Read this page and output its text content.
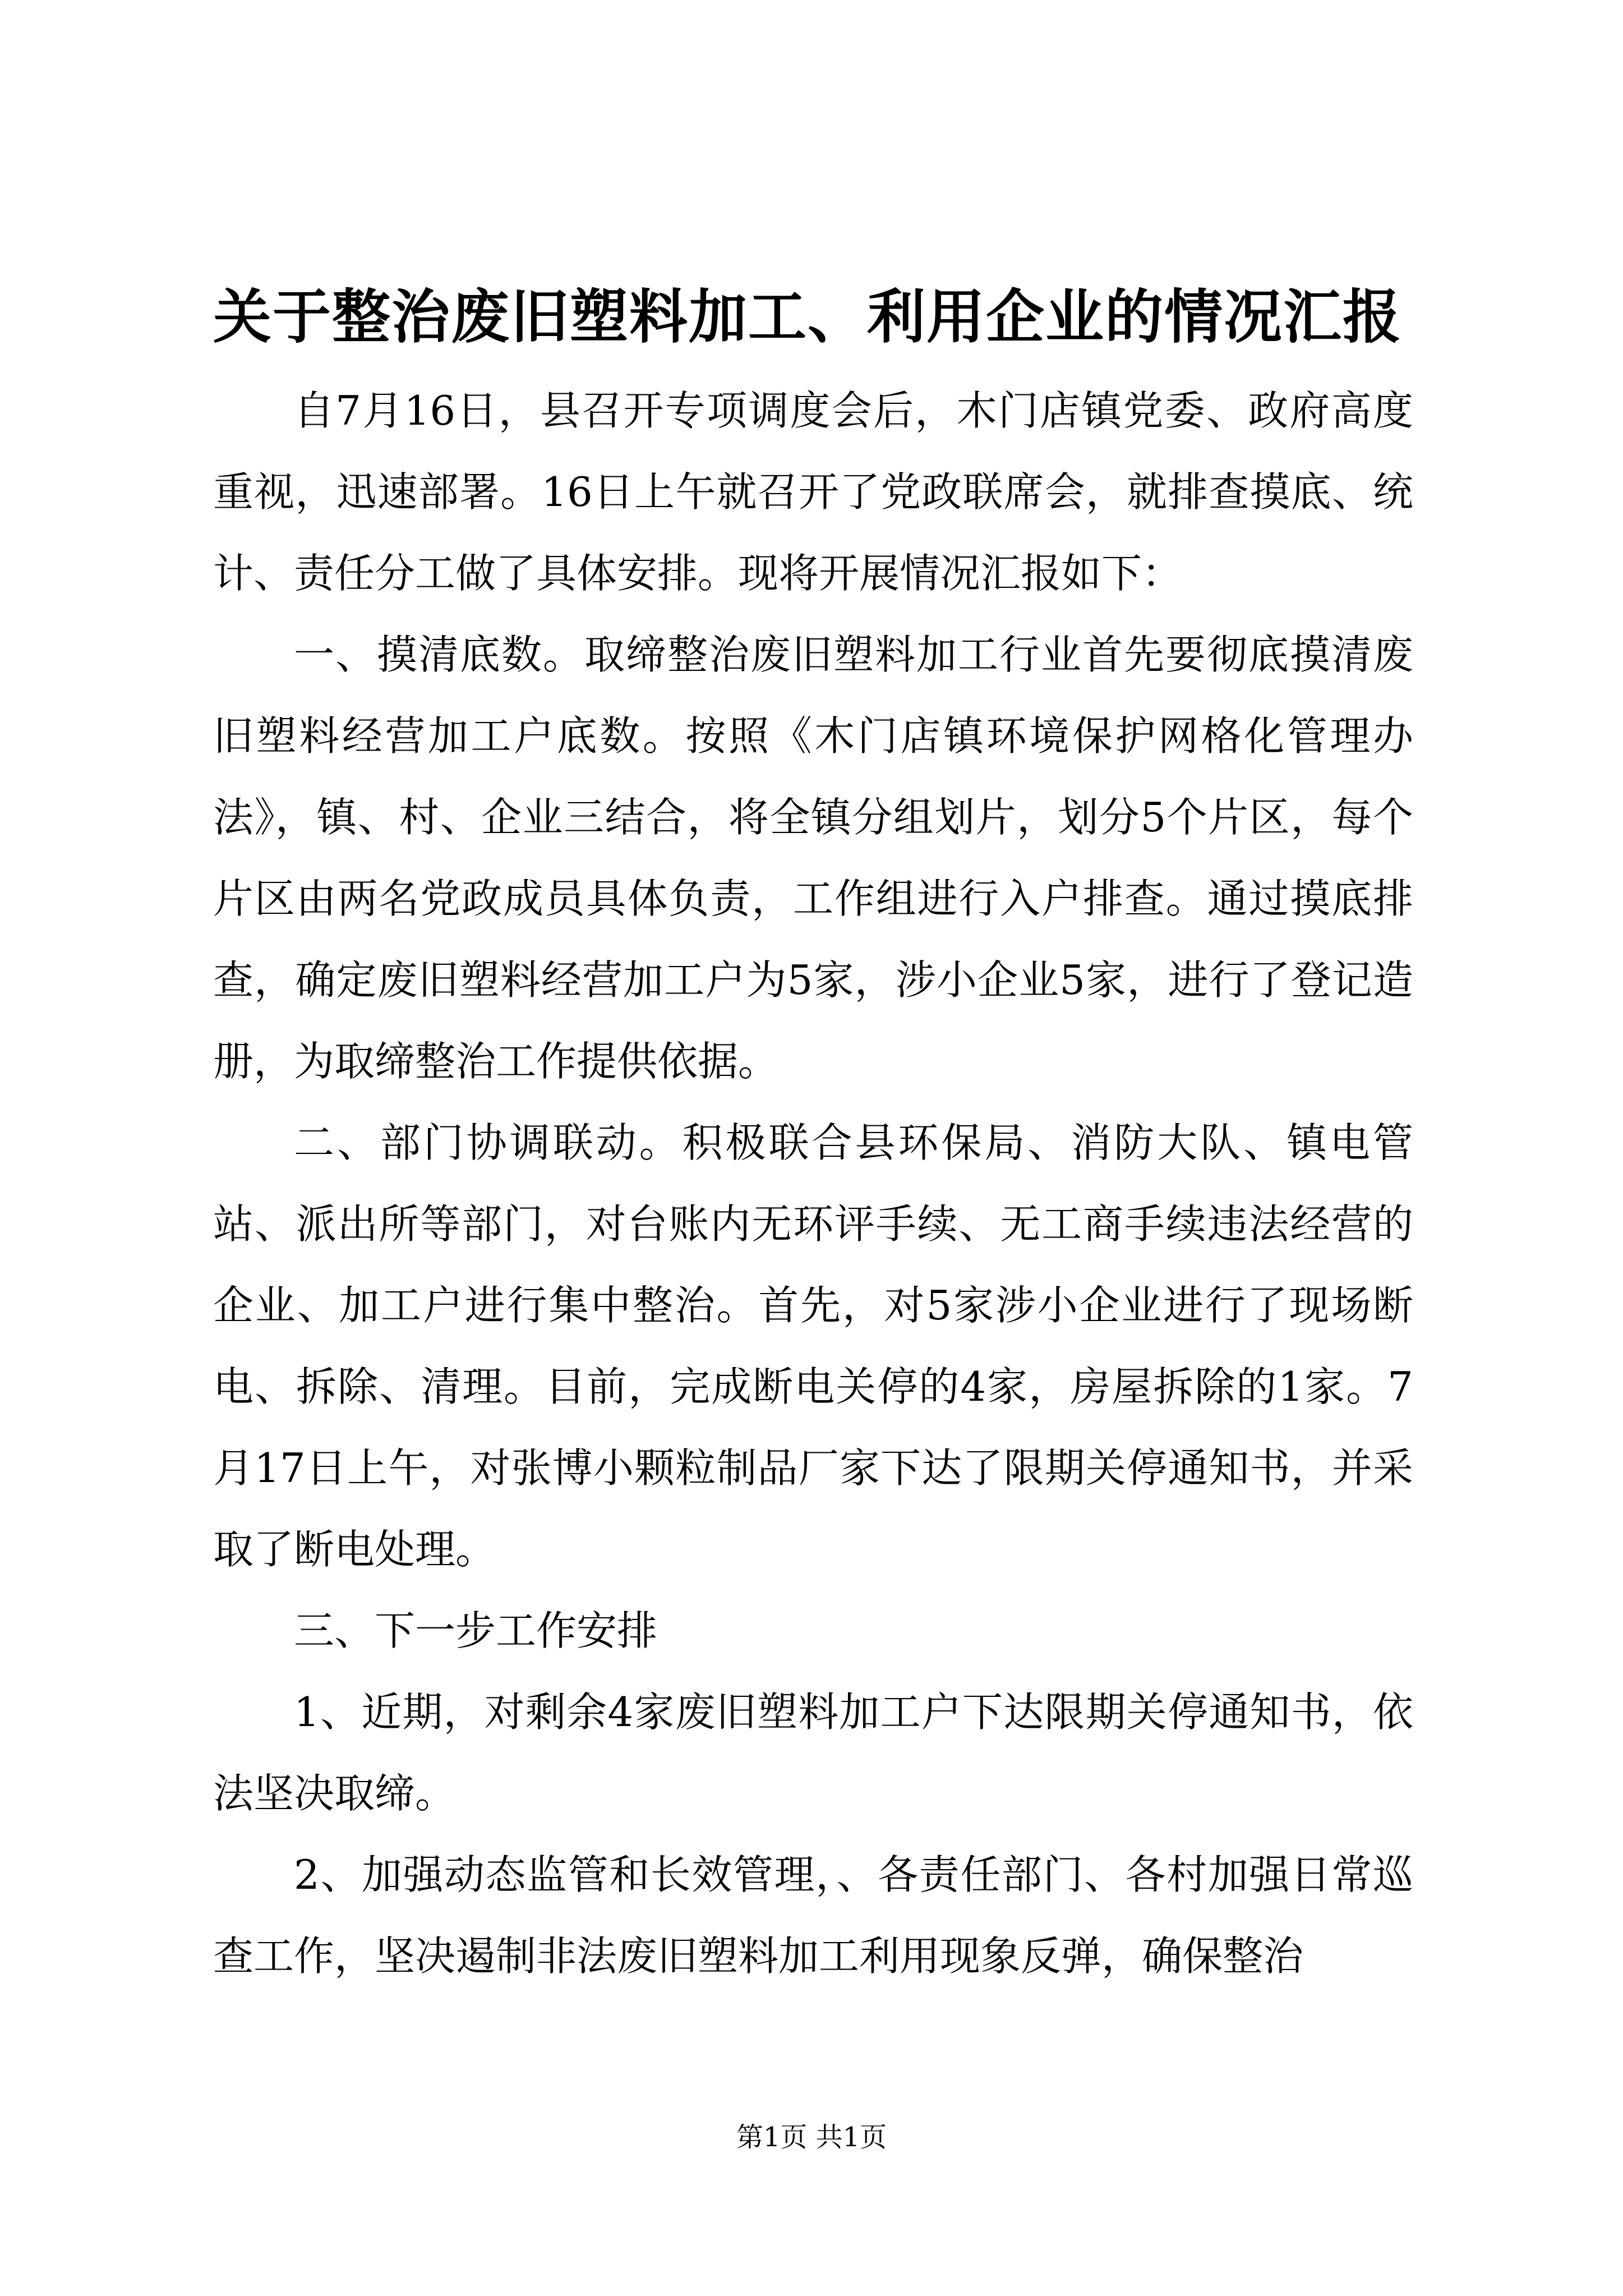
关于整治废旧塑料加工、利用企业的情况汇报

自7月16日，县召开专项调度会后，木门店镇党委、政府高度重视，迅速部署。16日上午就召开了党政联席会，就排查摸底、统计、责任分工做了具体安排。现将开展情况汇报如下：

一、摸清底数。取缔整治废旧塑料加工行业首先要彻底摸清废旧塑料经营加工户底数。按照《木门店镇环境保护网格化管理办法》，镇、村、企业三结合，将全镇分组划片，划分5个片区，每个片区由两名党政成员具体负责，工作组进行入户排查。通过摸底排查，确定废旧塑料经营加工户为5家，涉小企业5家，进行了登记造册，为取缔整治工作提供依据。

二、部门协调联动。积极联合县环保局、消防大队、镇电管站、派出所等部门，对台账内无环评手续、无工商手续违法经营的企业、加工户进行集中整治。首先，对5家涉小企业进行了现场断电、拆除、清理。目前，完成断电关停的4家，房屋拆除的1家。7月17日上午，对张博小颗粒制品厂家下达了限期关停通知书，并采取了断电处理。

三、下一步工作安排

1、近期，对剩余4家废旧塑料加工户下达限期关停通知书，依法坚决取缔。

2、加强动态监管和长效管理，、各责任部门、各村加强日常巡查工作，坚决遏制非法废旧塑料加工利用现象反弹，确保整治

第1页 共1页
